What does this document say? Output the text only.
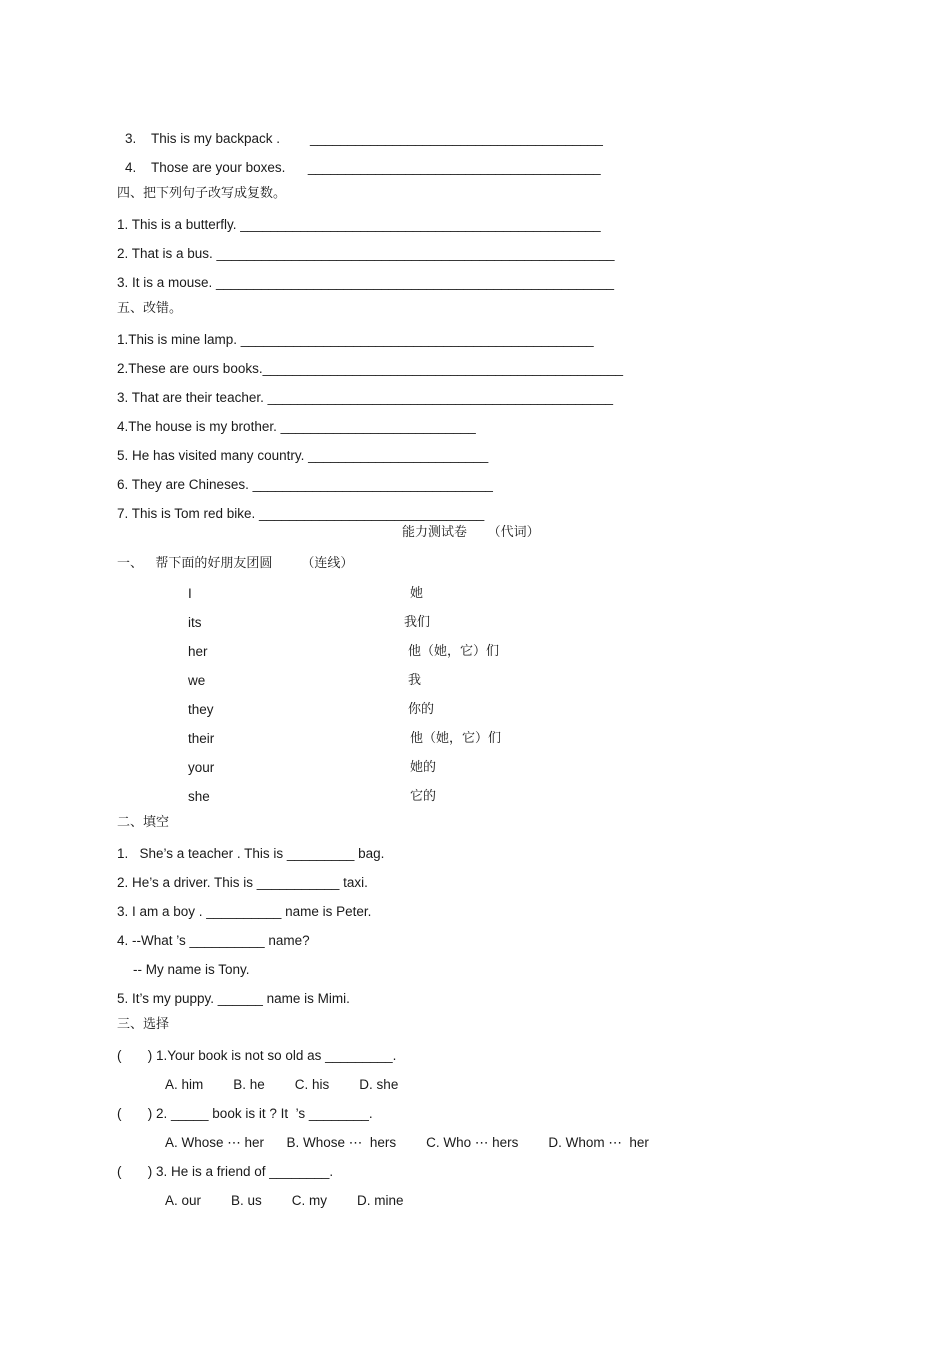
3.    This is my backpack .        _______________________________________
4.    Those are your boxes.      _______________________________________
四、把下列句子改写成复数。
1. This is a butterfly. ________________________________________________
2. That is a bus. _____________________________________________________
3. It is a mouse. _____________________________________________________
五、改错。
1.This is mine lamp. _______________________________________________
2.These are ours books.________________________________________________
3. That are their teacher. ______________________________________________
4.The house is my brother. __________________________
5. He has visited many country. ________________________
6. They are Chineses. ________________________________
7. This is Tom red bike. ______________________________
能力测试卷     （代词）
一、   帮下面的好朋友团圆       （连线）
I
its
her
we
they
their
your
she
她
我们
他（她，它）们
我
你的
他（她，它）们
她的
它的
二、填空
1.   She’s a teacher . This is _________ bag.
2. He’s a driver. This is ___________ taxi.
3. I am a boy . __________ name is Peter.
4. --What ’s __________ name?
-- My name is Tony.
5. It’s my puppy. ______ name is Mimi.
三、选择
(       ) 1.Your book is not so old as _________.
A. him        B. he        C. his        D. she
(       ) 2. _____ book is it ? It  ’s ________.
A. Whose ⋯ her      B. Whose ⋯  hers        C. Who ⋯ hers        D. Whom ⋯  her
(       ) 3. He is a friend of ________.
A. our        B. us        C. my        D. mine
